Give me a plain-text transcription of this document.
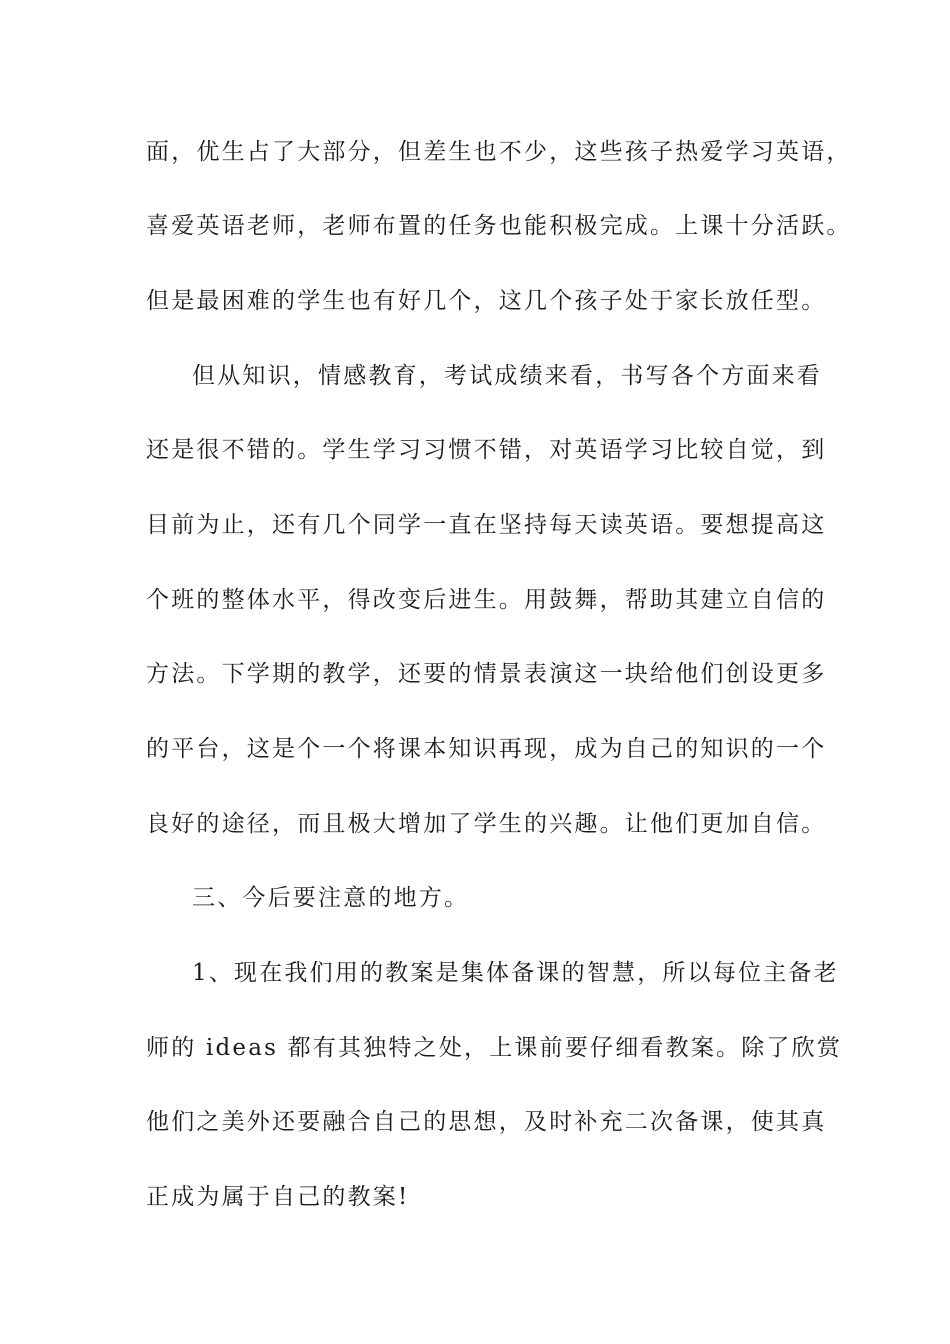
面，优生占了大部分，但差生也不少，这些孩子热爱学习英语，
喜爱英语老师，老师布置的任务也能积极完成。上课十分活跃。
但是最困难的学生也有好几个，这几个孩子处于家长放任型。
但从知识，情感教育，考试成绩来看，书写各个方面来看
还是很不错的。学生学习习惯不错，对英语学习比较自觉，到
目前为止，还有几个同学一直在坚持每天读英语。要想提高这
个班的整体水平，得改变后进生。用鼓舞，帮助其建立自信的
方法。下学期的教学，还要的情景表演这一块给他们创设更多
的平台，这是个一个将课本知识再现，成为自己的知识的一个
良好的途径，而且极大增加了学生的兴趣。让他们更加自信。
三、今后要注意的地方。
1、现在我们用的教案是集体备课的智慧，所以每位主备老
师的 ideas 都有其独特之处，上课前要仔细看教案。除了欣赏
他们之美外还要融合自己的思想，及时补充二次备课，使其真
正成为属于自己的教案!
